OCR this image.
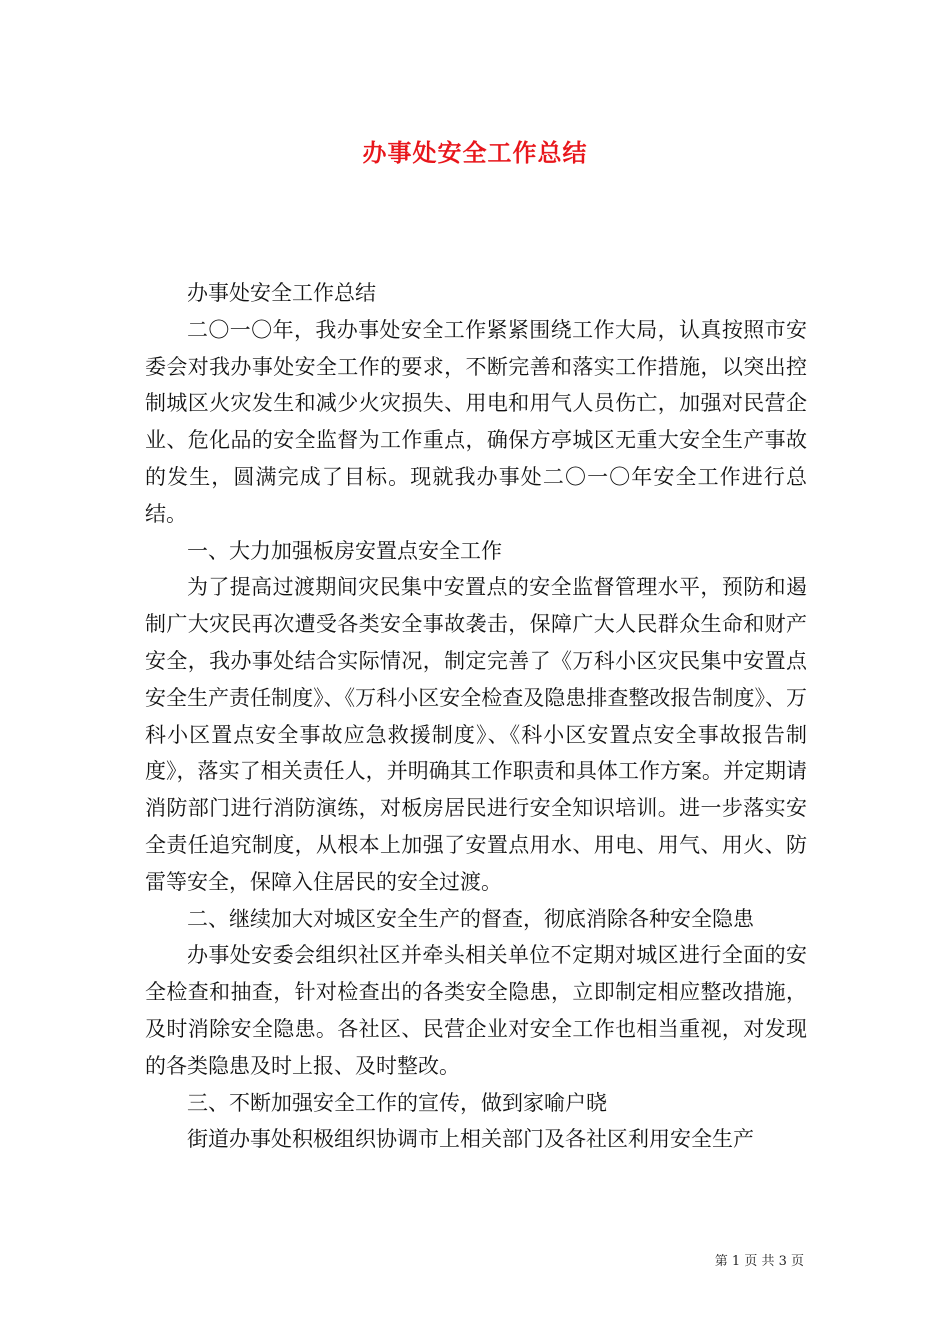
办事处安全工作总结

办事处安全工作总结

二〇一〇年，我办事处安全工作紧紧围绕工作大局，认真按照市安委会对我办事处安全工作的要求，不断完善和落实工作措施，以突出控制城区火灾发生和减少火灾损失、用电和用气人员伤亡，加强对民营企业、危化品的安全监督为工作重点，确保方亭城区无重大安全生产事故的发生，圆满完成了目标。现就我办事处二〇一〇年安全工作进行总结。

一、大力加强板房安置点安全工作

为了提高过渡期间灾民集中安置点的安全监督管理水平，预防和遏制广大灾民再次遭受各类安全事故袭击，保障广大人民群众生命和财产安全，我办事处结合实际情况，制定完善了《万科小区灾民集中安置点安全生产责任制度》、《万科小区安全检查及隐患排查整改报告制度》、万科小区置点安全事故应急救援制度》、《科小区安置点安全事故报告制度》，落实了相关责任人，并明确其工作职责和具体工作方案。并定期请消防部门进行消防演练，对板房居民进行安全知识培训。进一步落实安全责任追究制度，从根本上加强了安置点用水、用电、用气、用火、防雷等安全，保障入住居民的安全过渡。

二、继续加大对城区安全生产的督查，彻底消除各种安全隐患

办事处安委会组织社区并牵头相关单位不定期对城区进行全面的安全检查和抽查，针对检查出的各类安全隐患，立即制定相应整改措施，及时消除安全隐患。各社区、民营企业对安全工作也相当重视，对发现的各类隐患及时上报、及时整改。

三、不断加强安全工作的宣传，做到家喻户晓

街道办事处积极组织协调市上相关部门及各社区利用安全生产

第 1 页 共 3 页
